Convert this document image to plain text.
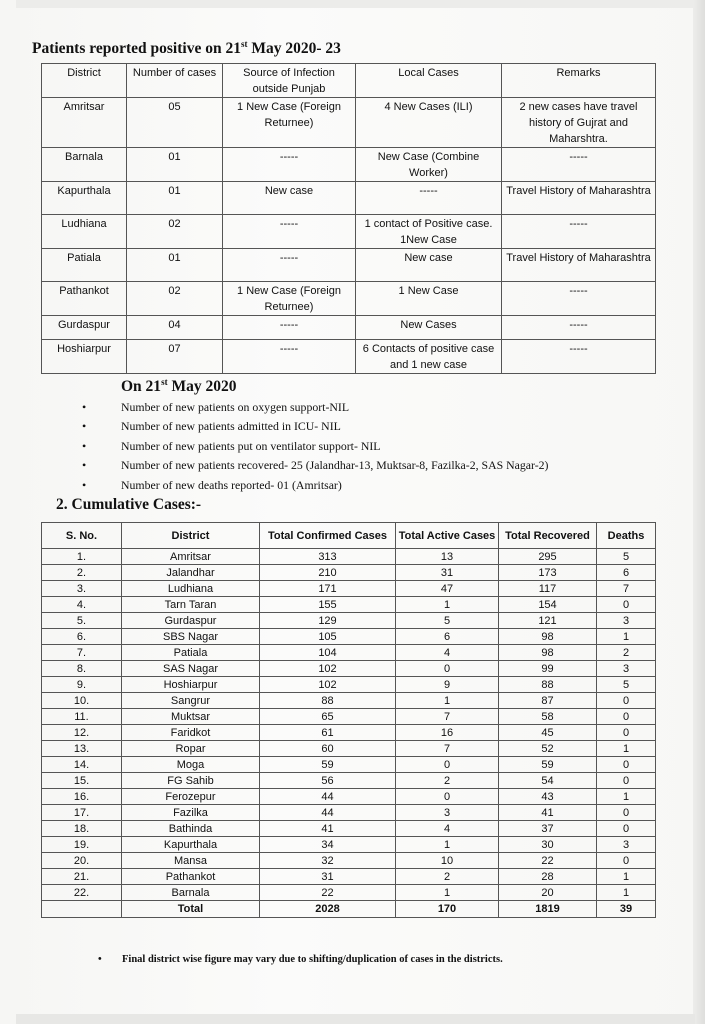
Patients reported positive on 21st May 2020- 23
District	Number of cases	Source of Infection outside Punjab	Local Cases	Remarks
Amritsar	05	1 New Case (Foreign Returnee)	4 New Cases (ILI)	2 new cases have travel history of Gujrat and Maharshtra.
Barnala	01	-----	New Case (Combine Worker)	-----
Kapurthala	01	New case	-----	Travel History of Maharashtra
Ludhiana	02	-----	1 contact of Positive case. 1New Case	-----
Patiala	01	-----	New case	Travel History of Maharashtra
Pathankot	02	1 New Case (Foreign Returnee)	1 New Case	-----
Gurdaspur	04	-----	New Cases	-----
Hoshiarpur	07	-----	6 Contacts of positive case and 1 new case	-----
On 21st May 2020
•	Number of new patients on oxygen support-NIL
•	Number of new patients admitted in ICU- NIL
•	Number of new patients put on ventilator support- NIL
•	Number of new patients recovered- 25 (Jalandhar-13, Muktsar-8, Fazilka-2, SAS Nagar-2)
•	Number of new deaths reported- 01 (Amritsar)
2. Cumulative Cases:-
S. No.	District	Total Confirmed Cases	Total Active Cases	Total Recovered	Deaths
1.	Amritsar	313	13	295	5
2.	Jalandhar	210	31	173	6
3.	Ludhiana	171	47	117	7
4.	Tarn Taran	155	1	154	0
5.	Gurdaspur	129	5	121	3
6.	SBS Nagar	105	6	98	1
7.	Patiala	104	4	98	2
8.	SAS Nagar	102	0	99	3
9.	Hoshiarpur	102	9	88	5
10.	Sangrur	88	1	87	0
11.	Muktsar	65	7	58	0
12.	Faridkot	61	16	45	0
13.	Ropar	60	7	52	1
14.	Moga	59	0	59	0
15.	FG Sahib	56	2	54	0
16.	Ferozepur	44	0	43	1
17.	Fazilka	44	3	41	0
18.	Bathinda	41	4	37	0
19.	Kapurthala	34	1	30	3
20.	Mansa	32	10	22	0
21.	Pathankot	31	2	28	1
22.	Barnala	22	1	20	1
	Total	2028	170	1819	39
• Final district wise figure may vary due to shifting/duplication of cases in the districts.
